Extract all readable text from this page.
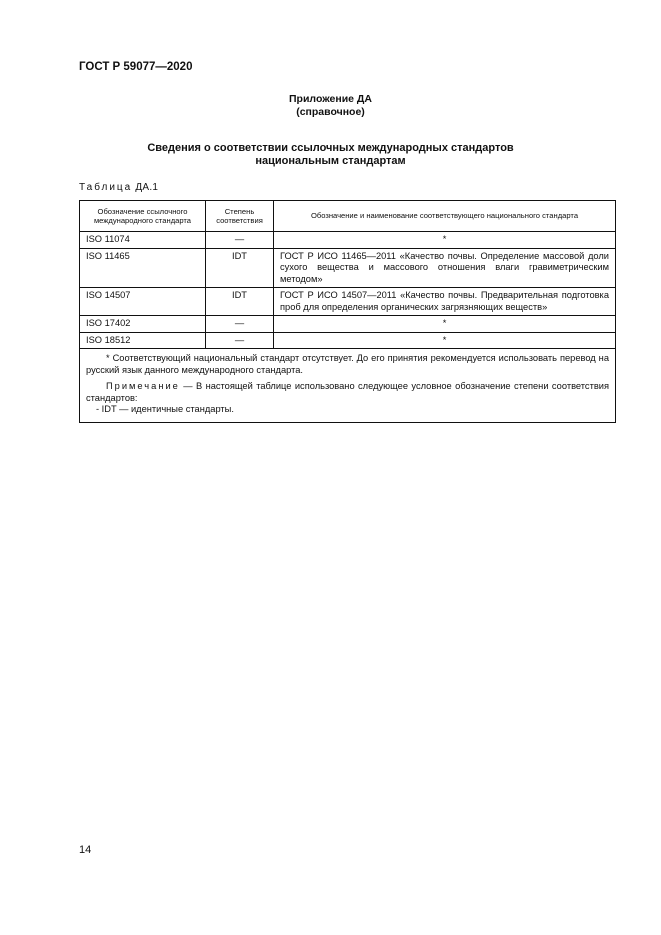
ГОСТ Р 59077—2020
Приложение ДА
(справочное)
Сведения о соответствии ссылочных международных стандартов
национальным стандартам
Таблица ДА.1
Обозначение ссылочного международного стандарта	Степень соответствия	Обозначение и наименование соответствующего национального стандарта
ISO 11074	—	*
ISO 11465	IDT	ГОСТ Р ИСО 11465—2011 «Качество почвы. Определение массовой доли сухого вещества и массового отношения влаги гравиметрическим методом»
ISO 14507	IDT	ГОСТ Р ИСО 14507—2011 «Качество почвы. Предварительная подготовка проб для определения органических загрязняющих веществ»
ISO 17402	—	*
ISO 18512	—	*

* Соответствующий национальный стандарт отсутствует. До его принятия рекомендуется использовать перевод на русский язык данного международного стандарта.

Примечание — В настоящей таблице использовано следующее условное обозначение степени соответствия стандартов:

- IDT — идентичные стандарты.		

14
